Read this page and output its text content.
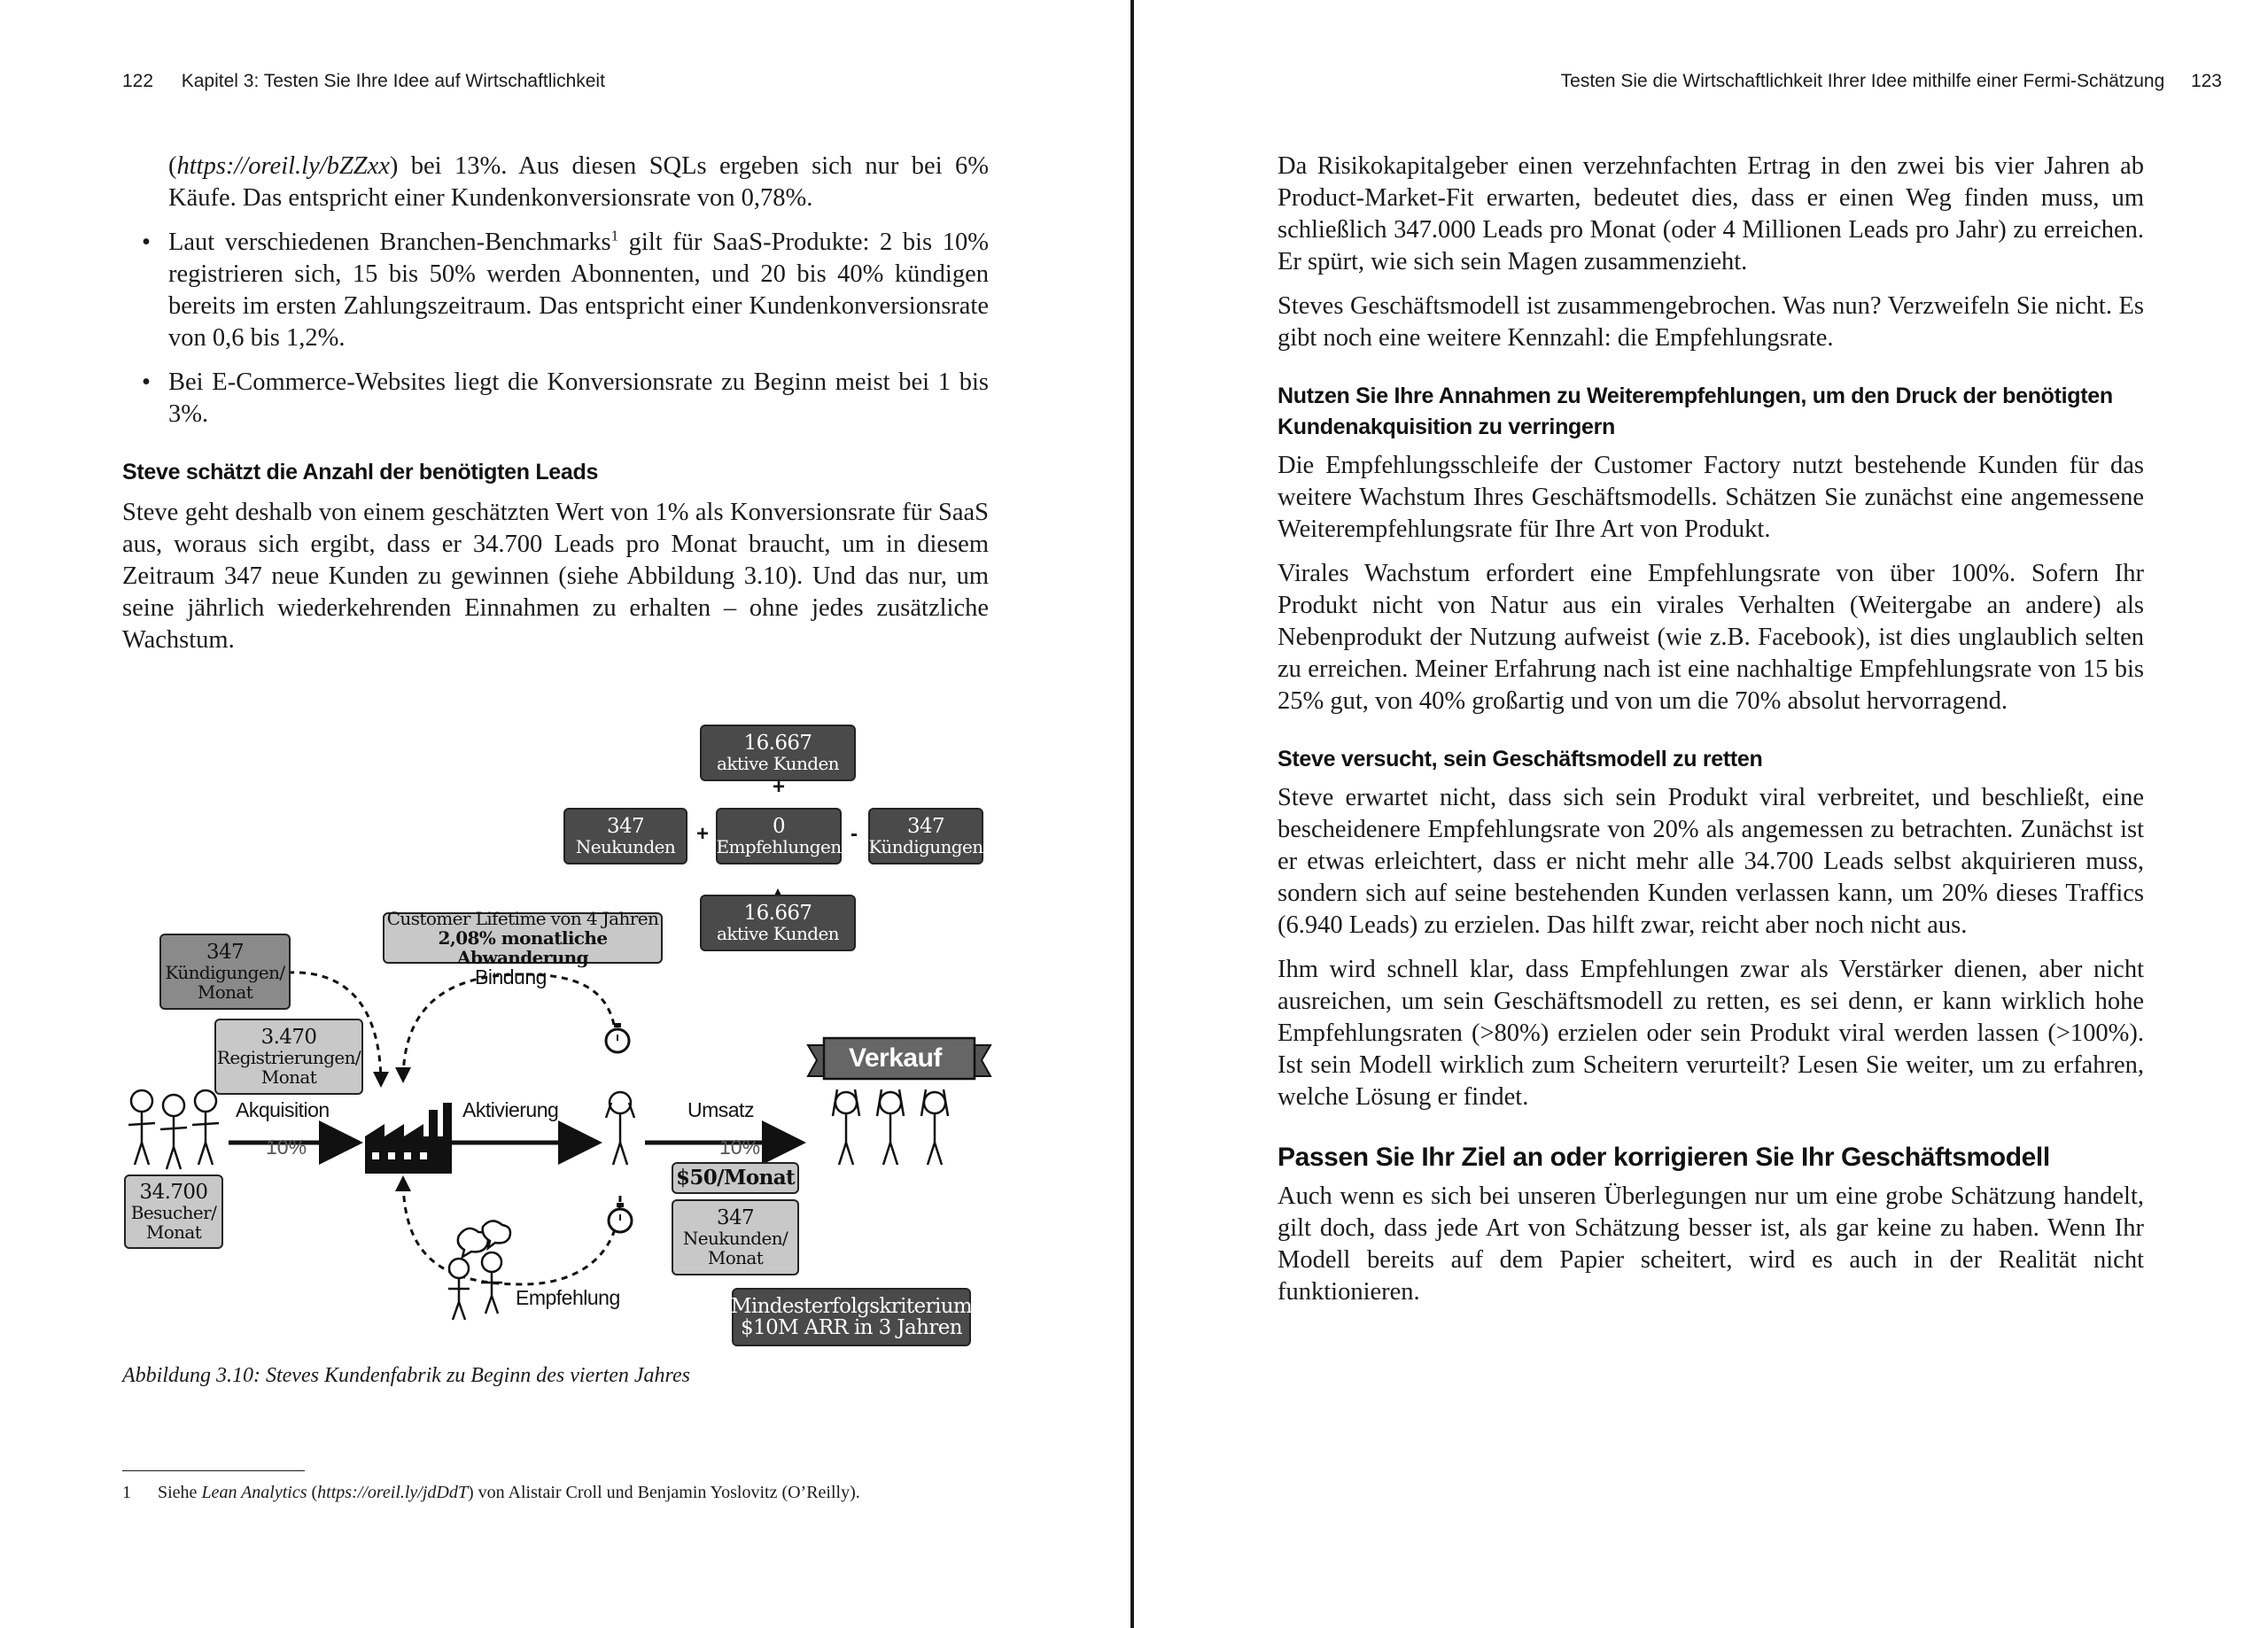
122 Kapitel 3: Testen Sie Ihre Idee auf Wirtschaftlichkeit

(https://oreil.ly/bZZxx) bei 13%. Aus diesen SQLs ergeben sich nur bei 6% Käufe. Das entspricht einer Kundenkonversionsrate von 0,78%.

• Laut verschiedenen Branchen-Benchmarks$^1$ gilt für SaaS-Produkte: 2 bis 10% registrieren sich, 15 bis 50% werden Abonnenten, und 20 bis 40% kündigen bereits im ersten Zahlungszeitraum. Das entspricht einer Kundenkonversionsrate von 0,6 bis 1,2%.
• Bei E-Commerce-Websites liegt die Konversionsrate zu Beginn meist bei 1 bis 3%.
Steve schätzt die Anzahl der benötigten Leads

Steve geht deshalb von einem geschätzten Wert von 1% als Konversionsrate für SaaS aus, woraus sich ergibt, dass er 34.700 Leads pro Monat braucht, um in diesem Zeitraum 347 neue Kunden zu gewinnen (siehe Abbildung 3.10). Und das nur, um seine jährlich wiederkehrenden Einnahmen zu erhalten – ohne jedes zusätzliche Wachstum.

16.667
aktive Kunden
+
347
Neukunden
+	0
Empfehlungen
- 347
Kündigungen
16.667
aktive Kunden
Customer Lifetime von 4 Jahren
2,08% monatliche Abwanderung
Bindung
347
Kündigungen/
Monat
3.470
Registrierungen/
Monat
Akquisition
10%
Aktivierung	Umsatz
10%
Verkauf
34.700
Besucher/
Monat
$50/Monat
347
Neukunden/
Monat
Empfehlung	Mindesterfolgskriterium
$10M ARR in 3 Jahren
Abbildung 3.10: Steves Kundenfabrik zu Beginn des vierten Jahres
1 Siehe Lean Analytics (https://oreil.ly/jdDdT) von Alistair Croll und Benjamin Yoslovitz (O’Reilly).
Testen Sie die Wirtschaftlichkeit Ihrer Idee mithilfe einer Fermi-Schätzung 123

Da Risikokapitalgeber einen verzehnfachten Ertrag in den zwei bis vier Jahren ab Product-Market-Fit erwarten, bedeutet dies, dass er einen Weg finden muss, um schließlich 347.000 Leads pro Monat (oder 4 Millionen Leads pro Jahr) zu erreichen. Er spürt, wie sich sein Magen zusammenzieht.

Steves Geschäftsmodell ist zusammengebrochen. Was nun? Verzweifeln Sie nicht. Es gibt noch eine weitere Kennzahl: die Empfehlungsrate.

Nutzen Sie Ihre Annahmen zu Weiterempfehlungen, um den Druck der benötigten Kundenakquisition zu verringern

Die Empfehlungsschleife der Customer Factory nutzt bestehende Kunden für das weitere Wachstum Ihres Geschäftsmodells. Schätzen Sie zunächst eine angemessene Weiterempfehlungsrate für Ihre Art von Produkt.

Virales Wachstum erfordert eine Empfehlungsrate von über 100%. Sofern Ihr Produkt nicht von Natur aus ein virales Verhalten (Weitergabe an andere) als Nebenprodukt der Nutzung aufweist (wie z.B. Facebook), ist dies unglaublich selten zu erreichen. Meiner Erfahrung nach ist eine nachhaltige Empfehlungsrate von 15 bis 25% gut, von 40% großartig und von um die 70% absolut hervorragend.

Steve versucht, sein Geschäftsmodell zu retten

Steve erwartet nicht, dass sich sein Produkt viral verbreitet, und beschließt, eine bescheidenere Empfehlungsrate von 20% als angemessen zu betrachten. Zunächst ist er etwas erleichtert, dass er nicht mehr alle 34.700 Leads selbst akquirieren muss, sondern sich auf seine bestehenden Kunden verlassen kann, um 20% dieses Traffics (6.940 Leads) zu erzielen. Das hilft zwar, reicht aber noch nicht aus.

Ihm wird schnell klar, dass Empfehlungen zwar als Verstärker dienen, aber nicht ausreichen, um sein Geschäftsmodell zu retten, es sei denn, er kann wirklich hohe Empfehlungsraten (>80%) erzielen oder sein Produkt viral werden lassen (>100%). Ist sein Modell wirklich zum Scheitern verurteilt? Lesen Sie weiter, um zu erfahren, welche Lösung er findet.

Passen Sie Ihr Ziel an oder korrigieren Sie Ihr Geschäftsmodell

Auch wenn es sich bei unseren Überlegungen nur um eine grobe Schätzung handelt, gilt doch, dass jede Art von Schätzung besser ist, als gar keine zu haben. Wenn Ihr Modell bereits auf dem Papier scheitert, wird es auch in der Realität nicht funktionieren.
